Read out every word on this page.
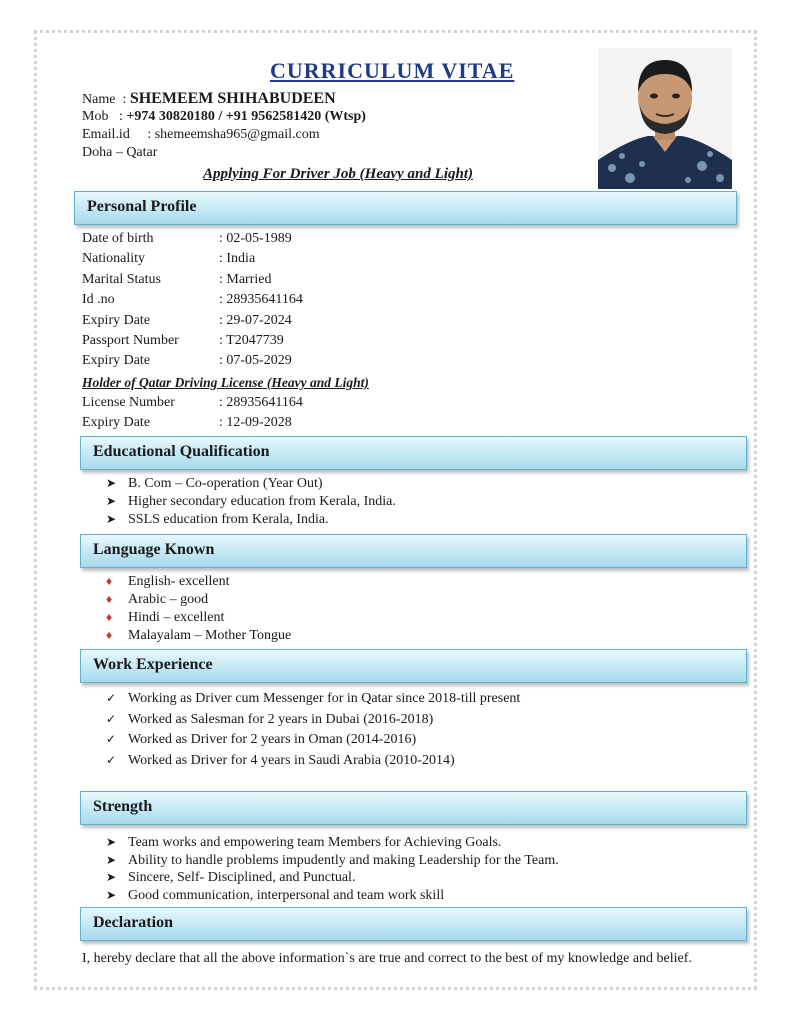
CURRICULUM VITAE
Name  : SHEMEEM SHIHABUDEEN
Mob   : +974 30820180 / +91 9562581420 (Wtsp)
Email.id     : shemeemsha965@gmail.com
Doha – Qatar
Applying For Driver Job (Heavy and Light)
Personal Profile
Date of birth	: 02-05-1989
Nationality	: India
Marital Status	: Married
Id .no	: 28935641164
Expiry Date	: 29-07-2024
Passport Number	: T2047739
Expiry Date	: 07-05-2029
Holder of Qatar Driving License (Heavy and Light)
License Number	: 28935641164
Expiry Date	: 12-09-2028
Educational Qualification
➤ B. Com – Co-operation (Year Out)
➤ Higher secondary education from Kerala, India.
➤ SSLS education from Kerala, India.
Language Known
♦ English- excellent
♦ Arabic – good
♦ Hindi – excellent
♦ Malayalam – Mother Tongue
Work Experience
✓ Working as Driver cum Messenger for in Qatar since 2018-till present
✓ Worked as Salesman for 2 years in Dubai (2016-2018)
✓ Worked as Driver for 2 years in Oman (2014-2016)
✓ Worked as Driver for 4 years in Saudi Arabia (2010-2014)
Strength
➤ Team works and empowering team Members for Achieving Goals.
➤ Ability to handle problems impudently and making Leadership for the Team.
➤ Sincere, Self- Disciplined, and Punctual.
➤ Good communication, interpersonal and team work skill
Declaration
I, hereby declare that all the above information`s are true and correct to the best of my knowledge and belief.
